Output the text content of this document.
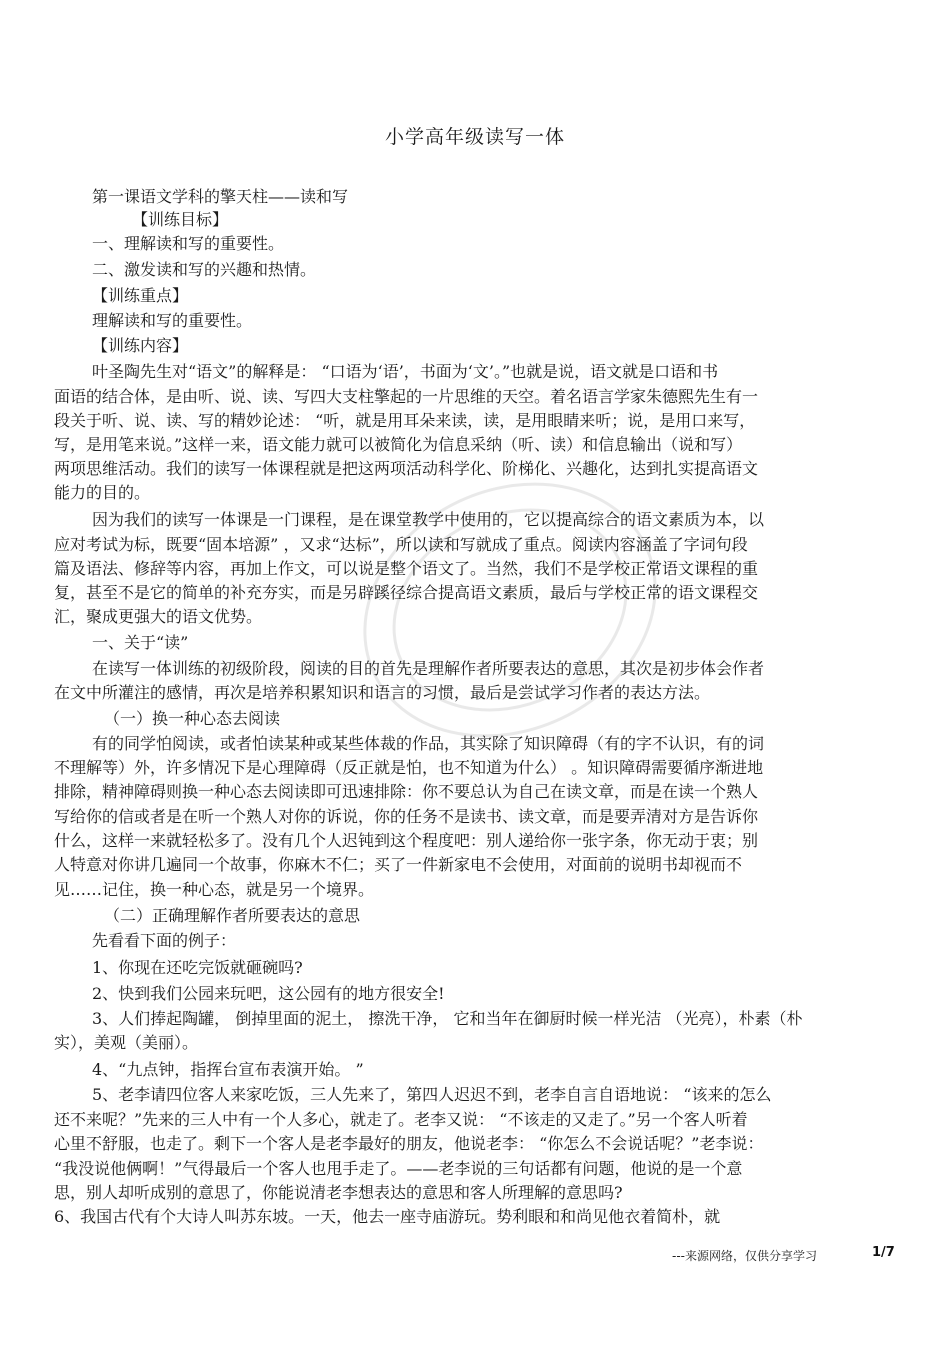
小学高年级读写一体
第一课语文学科的擎天柱——读和写
【训练目标】
一、理解读和写的重要性。
二、激发读和写的兴趣和热情。
【训练重点】
理解读和写的重要性。
【训练内容】
叶圣陶先生对“语文”的解释是： “口语为‘语’，书面为‘文’。”也就是说，语文就是口语和书
面语的结合体，是由听、说、读、写四大支柱擎起的一片思维的天空。着名语言学家朱德熙先生有一
段关于听、说、读、写的精妙论述： “听，就是用耳朵来读，读，是用眼睛来听；说，是用口来写，
写，是用笔来说。”这样一来，语文能力就可以被简化为信息采纳（听、读）和信息输出（说和写）
两项思维活动。我们的读写一体课程就是把这两项活动科学化、阶梯化、兴趣化，达到扎实提高语文
能力的目的。
因为我们的读写一体课是一门课程，是在课堂教学中使用的，它以提高综合的语文素质为本，以
应对考试为标，既要“固本培源” ，又求“达标”，所以读和写就成了重点。阅读内容涵盖了字词句段
篇及语法、修辞等内容，再加上作文，可以说是整个语文了。当然，我们不是学校正常语文课程的重
复，甚至不是它的简单的补充夯实，而是另辟蹊径综合提高语文素质，最后与学校正常的语文课程交
汇，聚成更强大的语文优势。
一、关于“读”
在读写一体训练的初级阶段，阅读的目的首先是理解作者所要表达的意思，其次是初步体会作者
在文中所灌注的感情，再次是培养积累知识和语言的习惯，最后是尝试学习作者的表达方法。
（一）换一种心态去阅读
有的同学怕阅读，或者怕读某种或某些体裁的作品，其实除了知识障碍（有的字不认识，有的词
不理解等）外，许多情况下是心理障碍（反正就是怕，也不知道为什么） 。知识障碍需要循序渐进地
排除，精神障碍则换一种心态去阅读即可迅速排除：你不要总认为自己在读文章，而是在读一个熟人
写给你的信或者是在听一个熟人对你的诉说，你的任务不是读书、读文章，而是要弄清对方是告诉你
什么，这样一来就轻松多了。没有几个人迟钝到这个程度吧：别人递给你一张字条，你无动于衷；别
人特意对你讲几遍同一个故事，你麻木不仁；买了一件新家电不会使用，对面前的说明书却视而不
见……记住，换一种心态，就是另一个境界。
（二）正确理解作者所要表达的意思
先看看下面的例子：
1、你现在还吃完饭就砸碗吗?
2、快到我们公园来玩吧，这公园有的地方很安全!
3、人们捧起陶罐， 倒掉里面的泥土， 擦洗干净， 它和当年在御厨时候一样光洁 （光亮），朴素（朴
实），美观（美丽）。
4、“九点钟，指挥台宣布表演开始。 ”
5、老李请四位客人来家吃饭，三人先来了，第四人迟迟不到，老李自言自语地说： “该来的怎么
还不来呢？”先来的三人中有一个人多心，就走了。老李又说： “不该走的又走了。”另一个客人听着
心里不舒服，也走了。剩下一个客人是老李最好的朋友，他说老李： “你怎么不会说话呢？”老李说：
“我没说他俩啊！”气得最后一个客人也甩手走了。——老李说的三句话都有问题，他说的是一个意
思，别人却听成别的意思了，你能说清老李想表达的意思和客人所理解的意思吗?
6、我国古代有个大诗人叫苏东坡。一天，他去一座寺庙游玩。势利眼和和尚见他衣着简朴，就
---来源网络，仅供分享学习	1/7
